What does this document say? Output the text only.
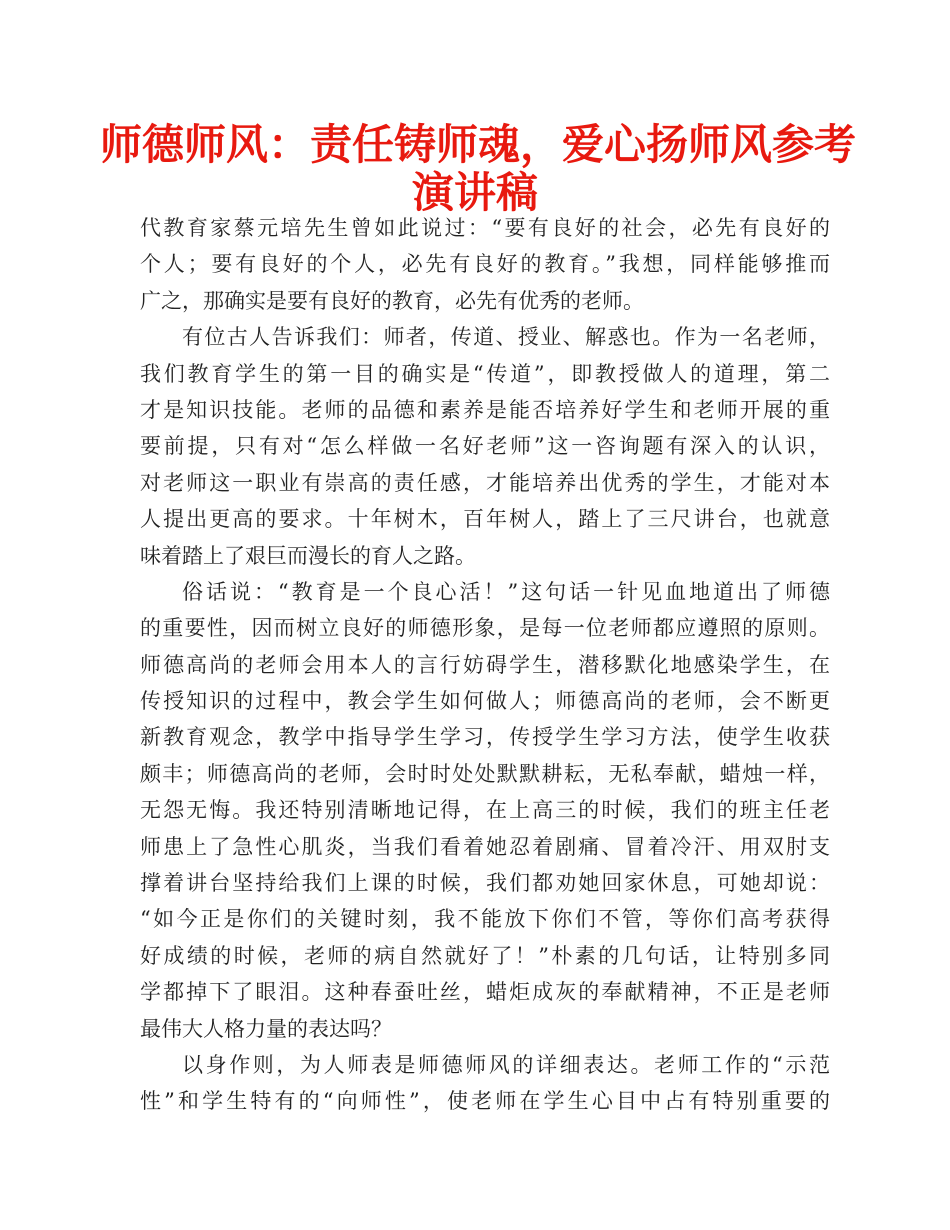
师德师风：责任铸师魂，爱心扬师风参考
演讲稿
代教育家蔡元培先生曾如此说过：“要有良好的社会，必先有良好的
个人；要有良好的个人，必先有良好的教育。”我想，同样能够推而
广之，那确实是要有良好的教育，必先有优秀的老师。
有位古人告诉我们：师者，传道、授业、解惑也。作为一名老师，
我们教育学生的第一目的确实是“传道”，即教授做人的道理，第二
才是知识技能。老师的品德和素养是能否培养好学生和老师开展的重
要前提，只有对“怎么样做一名好老师”这一咨询题有深入的认识，
对老师这一职业有崇高的责任感，才能培养出优秀的学生，才能对本
人提出更高的要求。十年树木，百年树人，踏上了三尺讲台，也就意
味着踏上了艰巨而漫长的育人之路。
俗话说：“教育是一个良心活！”这句话一针见血地道出了师德
的重要性，因而树立良好的师德形象，是每一位老师都应遵照的原则。
师德高尚的老师会用本人的言行妨碍学生，潜移默化地感染学生，在
传授知识的过程中，教会学生如何做人；师德高尚的老师，会不断更
新教育观念，教学中指导学生学习，传授学生学习方法，使学生收获
颇丰；师德高尚的老师，会时时处处默默耕耘，无私奉献，蜡烛一样，
无怨无悔。我还特别清晰地记得，在上高三的时候，我们的班主任老
师患上了急性心肌炎，当我们看着她忍着剧痛、冒着冷汗、用双肘支
撑着讲台坚持给我们上课的时候，我们都劝她回家休息，可她却说：
“如今正是你们的关键时刻，我不能放下你们不管，等你们高考获得
好成绩的时候，老师的病自然就好了！”朴素的几句话，让特别多同
学都掉下了眼泪。这种春蚕吐丝，蜡炬成灰的奉献精神，不正是老师
最伟大人格力量的表达吗？
以身作则，为人师表是师德师风的详细表达。老师工作的“示范
性”和学生特有的“向师性”，使老师在学生心目中占有特别重要的
